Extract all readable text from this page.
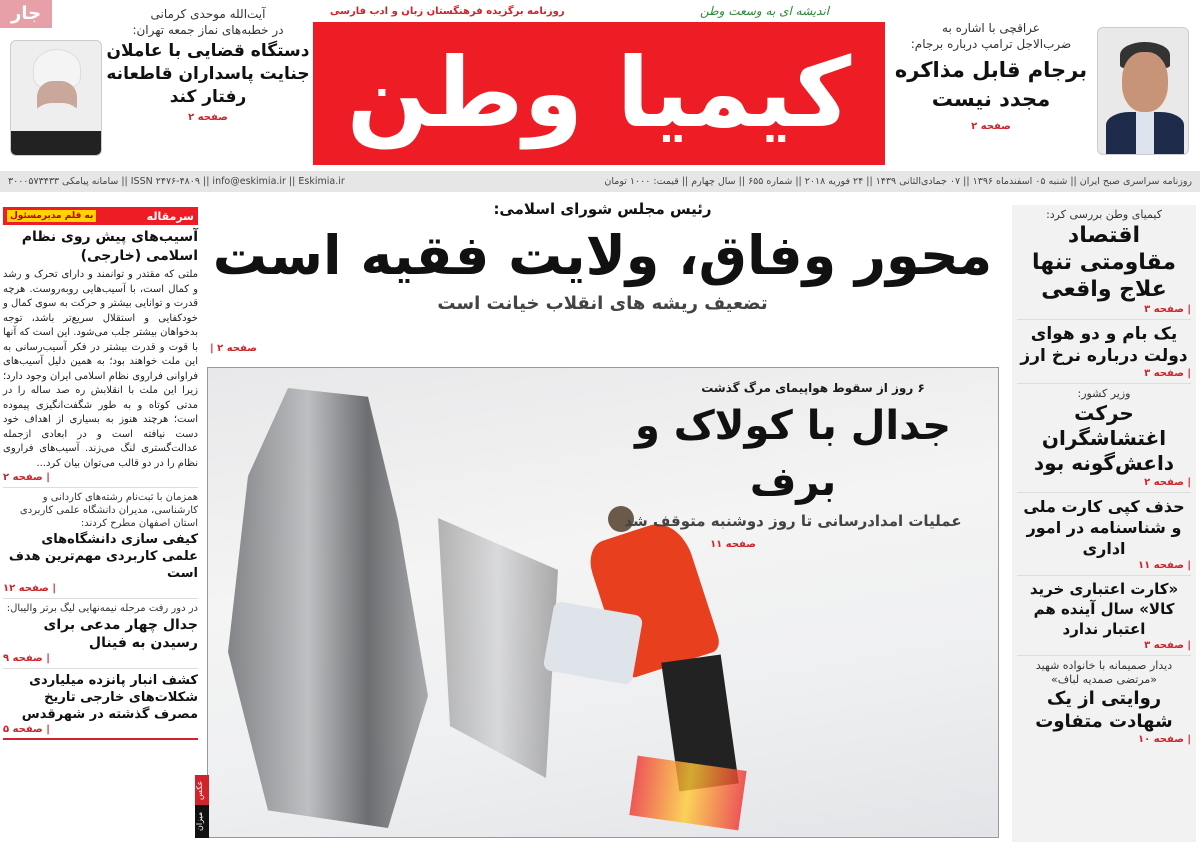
جار	آیت‌الله موحدی کرمانی
در خطبه‌های نماز جمعه تهران:
دستگاه قضایی با عاملان جنایت پاسداران قاطعانه رفتار کند
صفحه ۲
روزنامه برگزیده فرهنگستان زبان و ادب فارسی	اندیشه ای به وسعت وطن
کیمیا وطن
عراقچی با اشاره به
ضرب‌الاجل ترامپ درباره برجام:
برجام قابل مذاکره مجدد نیست
صفحه ۲
روزنامه سراسری صبح ایران || شنبه ۰۵ اسفندماه ۱۳۹۶ || ۰۷ جمادی‌الثانی ۱۴۳۹ || ۲۴ فوریه ۲۰۱۸ || شماره ۶۵۵ || سال چهارم || قیمت: ۱۰۰۰ تومان
ISSN ۲۴۷۶-۴۸۰۹ || info@eskimia.ir || Eskimia.ir || سامانه پیامکی ۳۰۰۰۵۷۳۴۳۳
سرمقاله
به قلم مدیرمسئول
آسیب‌های پیش روی نظام اسلامی (خارجی)
ملتی که مقتدر و توانمند و دارای تحرک و رشد و کمال است، با آسیب‌هایی روبه‌روست. هرچه قدرت و توانایی بیشتر و حرکت به سوی کمال و خودکفایی و استقلال سریع‌تر باشد، توجه بدخواهان بیشتر جلب می‌شود. این است که آنها با قوت و قدرت بیشتر در فکر آسیب‌رسانی به این ملت خواهند بود؛ به همین دلیل آسیب‌های فراوانی فراروی نظام اسلامی ایران وجود دارد؛ زیرا این ملت با انقلابش ره صد ساله را در مدتی کوتاه و به طور شگفت‌انگیزی پیموده است؛ هرچند هنوز به بسیاری از اهداف خود دست نیافته است و در ابعادی ازجمله عدالت‌گستری لنگ می‌زند. آسیب‌های فراروی نظام را در دو قالب می‌توان بیان کرد...
| صفحه ۲
همزمان با ثبت‌نام رشته‌های کاردانی و کارشناسی، مدیران دانشگاه علمی کاربردی استان اصفهان مطرح کردند:
کیفی سازی دانشگاه‌های علمی کاربردی مهم‌ترین هدف است
| صفحه ۱۲
در دور رفت مرحله نیمه‌نهایی لیگ برتر والیبال:
جدال چهار مدعی برای رسیدن به فینال
| صفحه ۹
کشف انبار پانزده میلیاردی شکلات‌های خارجی تاریخ مصرف گذشته در شهرقدس
| صفحه ۵
رئیس مجلس شورای اسلامی:
محور وفاق، ولایت فقیه است
تضعیف ریشه های انقلاب خیانت است
| صفحه ۲
۶ روز از سقوط هواپیمای مرگ گذشت
جدال با کولاک و برف
عملیات امدادرسانی تا روز دوشنبه متوقف شد
صفحه ۱۱
عکس
میزان
کیمیای وطن بررسی کرد:
اقتصاد مقاومتی تنها علاج واقعی
| صفحه ۳
یک بام و دو هوای دولت درباره نرخ ارز
| صفحه ۳
وزیر کشور:
حرکت اغتشاشگران داعش‌گونه بود
| صفحه ۲
حذف کپی کارت ملی و شناسنامه در امور اداری
| صفحه ۱۱
«کارت اعتباری خرید کالا» سال آینده هم اعتبار ندارد
| صفحه ۳
دیدار صمیمانه با خانواده شهید «مرتضی صمدیه لباف»
روایتی از یک شهادت متفاوت
| صفحه ۱۰
